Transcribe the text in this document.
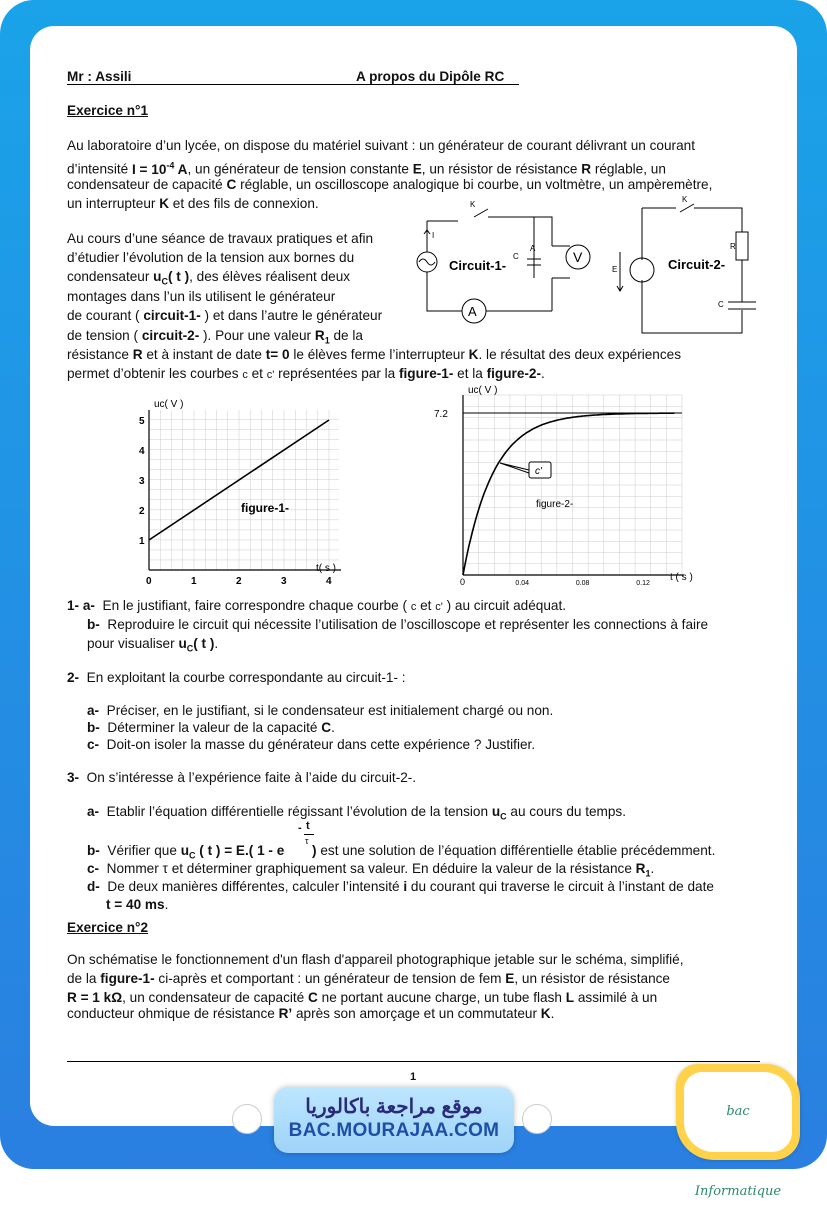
Mr : Assili	A propos du Dipôle RC
Exercice n°1
Au laboratoire d’un lycée, on dispose du matériel suivant : un générateur de courant délivrant un courant
d’intensité $I = 10^{-4}$ A, un générateur de tension constante E, un résistor de résistance R réglable, un
condensateur de capacité C réglable, un oscilloscope analogique bi courbe, un voltmètre, un ampèremètre,
un interrupteur K et des fils de connexion.
Au cours d’une séance de travaux pratiques et afin
d’étudier l’évolution de la tension aux bornes du
condensateur $u_C$( t ), des élèves réalisent deux
montages dans l’un ils utilisent le générateur
de courant ( circuit-1- ) et dans l’autre le générateur
de tension ( circuit-2- ). Pour une valeur $R_1$ de la
résistance R et à instant de date t= 0 le élèves ferme l’interrupteur K. le résultat des deux expériences
permet d’obtenir les courbes c et c' représentées par la figure-1- et la figure-2-.
K
I
C
A
Circuit-1-
V
A
K
R
E
C
Circuit-2-
uc( V )
t( s )
figure-1-
0	1	2	3	4
1
2
3
4
5
uc( V )
t ( s )
figure-2-
0	0.04	0.08	0.12
7.2
c'
1- a- En le justifiant, faire correspondre chaque courbe ( c et c' ) au circuit adéquat.
b- Reproduire le circuit qui nécessite l’utilisation de l’oscilloscope et représenter les connections à faire
pour visualiser $u_C$( t ).
2- En exploitant la courbe correspondante au circuit-1- :
a- Préciser, en le justifiant, si le condensateur est initialement chargé ou non.
b- Déterminer la valeur de la capacité C.
c- Doit-on isoler la masse du générateur dans cette expérience ? Justifier.
3- On s’intéresse à l’expérience faite à l’aide du circuit-2-.
a- Etablir l’équation différentielle régissant l’évolution de la tension $u_C$ au cours du temps.
b- Vérifier que $u_C$ ( t ) = E.( 1 - e ) est une solution de l’équation différentielle établie précédemment.
- t
τ
c- Nommer τ et déterminer graphiquement sa valeur. En déduire la valeur de la résistance $R_1$.
d- De deux manières différentes, calculer l’intensité i du courant qui traverse le circuit à l’instant de date
t = 40 ms.
Exercice n°2
On schématise le fonctionnement d'un flash d'appareil photographique jetable sur le schéma, simplifié,
de la figure-1- ci-après et comportant : un générateur de tension de fem E, un résistor de résistance
R = 1 kΩ, un condensateur de capacité C ne portant aucune charge, un tube flash L assimilé à un
conducteur ohmique de résistance R’ après son amorçage et un commutateur K.
1
موقع مراجعة باكالوريا
BAC.MOURAJAA.COM
bac Informatique
